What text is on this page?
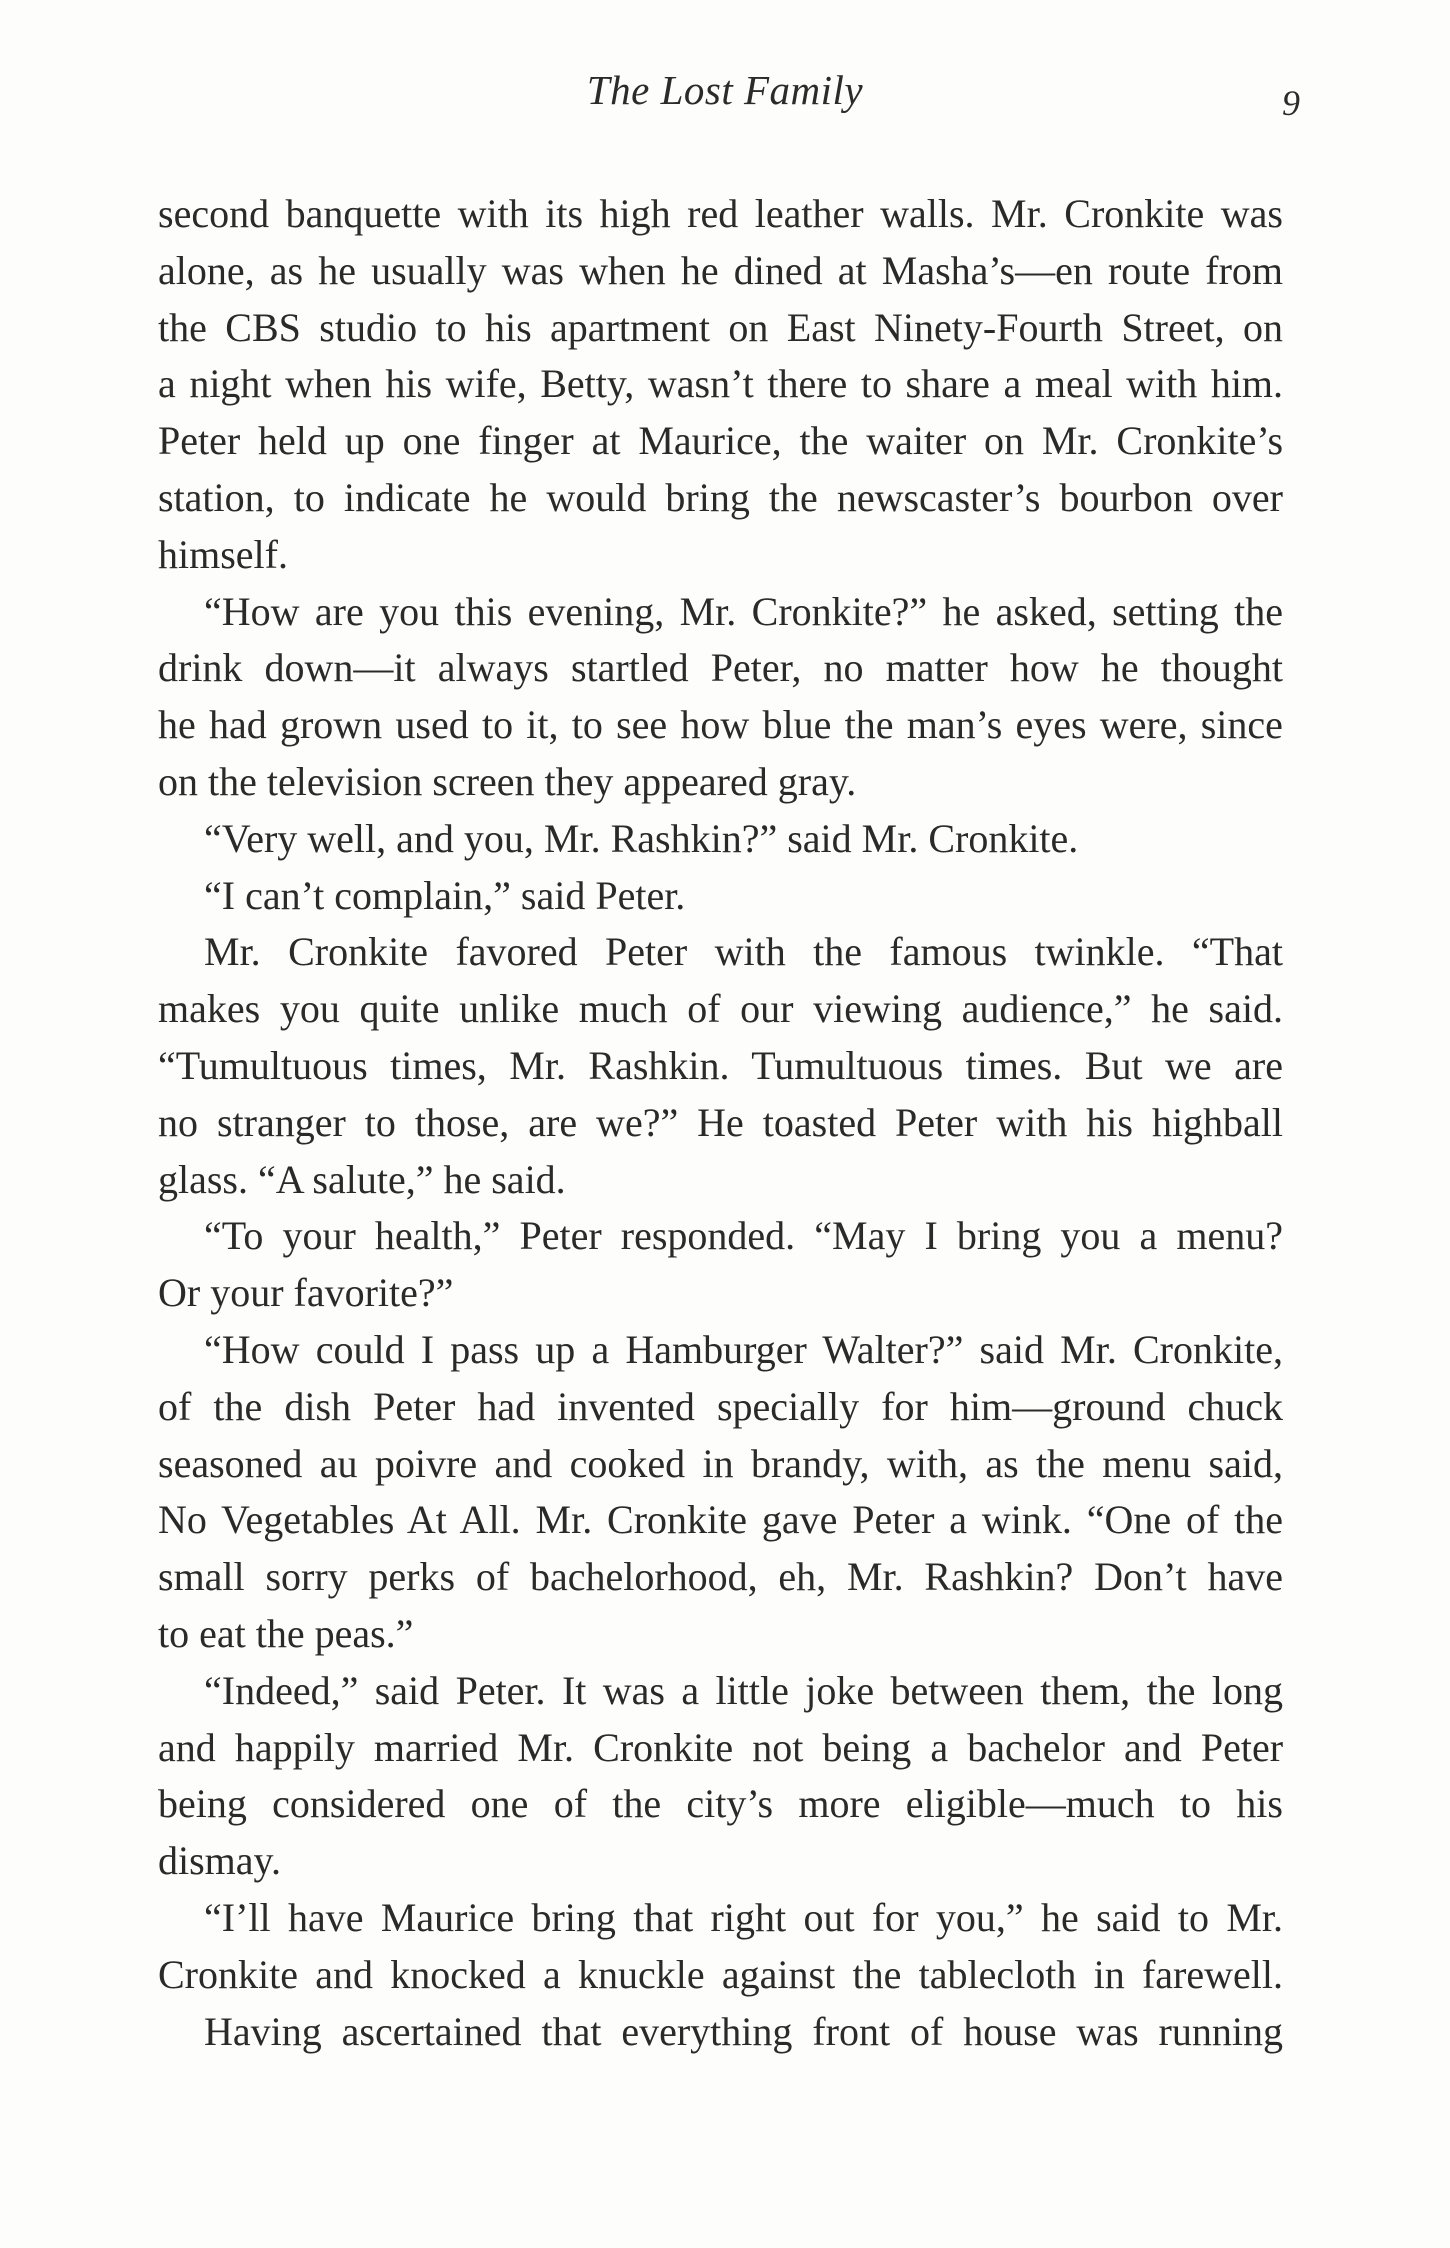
The Lost Family	9
second banquette with its high red leather walls. Mr. Cronkite was
alone, as he usually was when he dined at Masha’s—en route from
the CBS studio to his apartment on East Ninety-Fourth Street, on
a night when his wife, Betty, wasn’t there to share a meal with him.
Peter held up one finger at Maurice, the waiter on Mr. Cronkite’s
station, to indicate he would bring the newscaster’s bourbon over
himself.
“How are you this evening, Mr. Cronkite?” he asked, setting the
drink down—it always startled Peter, no matter how he thought
he had grown used to it, to see how blue the man’s eyes were, since
on the television screen they appeared gray.
“Very well, and you, Mr. Rashkin?” said Mr. Cronkite.
“I can’t complain,” said Peter.
Mr. Cronkite favored Peter with the famous twinkle. “That
makes you quite unlike much of our viewing audience,” he said.
“Tumultuous times, Mr. Rashkin. Tumultuous times. But we are
no stranger to those, are we?” He toasted Peter with his highball
glass. “A salute,” he said.
“To your health,” Peter responded. “May I bring you a menu?
Or your favorite?”
“How could I pass up a Hamburger Walter?” said Mr. Cronkite,
of the dish Peter had invented specially for him—ground chuck
seasoned au poivre and cooked in brandy, with, as the menu said,
No Vegetables At All. Mr. Cronkite gave Peter a wink. “One of the
small sorry perks of bachelorhood, eh, Mr. Rashkin? Don’t have
to eat the peas.”
“Indeed,” said Peter. It was a little joke between them, the long
and happily married Mr. Cronkite not being a bachelor and Peter
being considered one of the city’s more eligible—much to his
dismay.
“I’ll have Maurice bring that right out for you,” he said to Mr.
Cronkite and knocked a knuckle against the tablecloth in farewell.
Having ascertained that everything front of house was running
